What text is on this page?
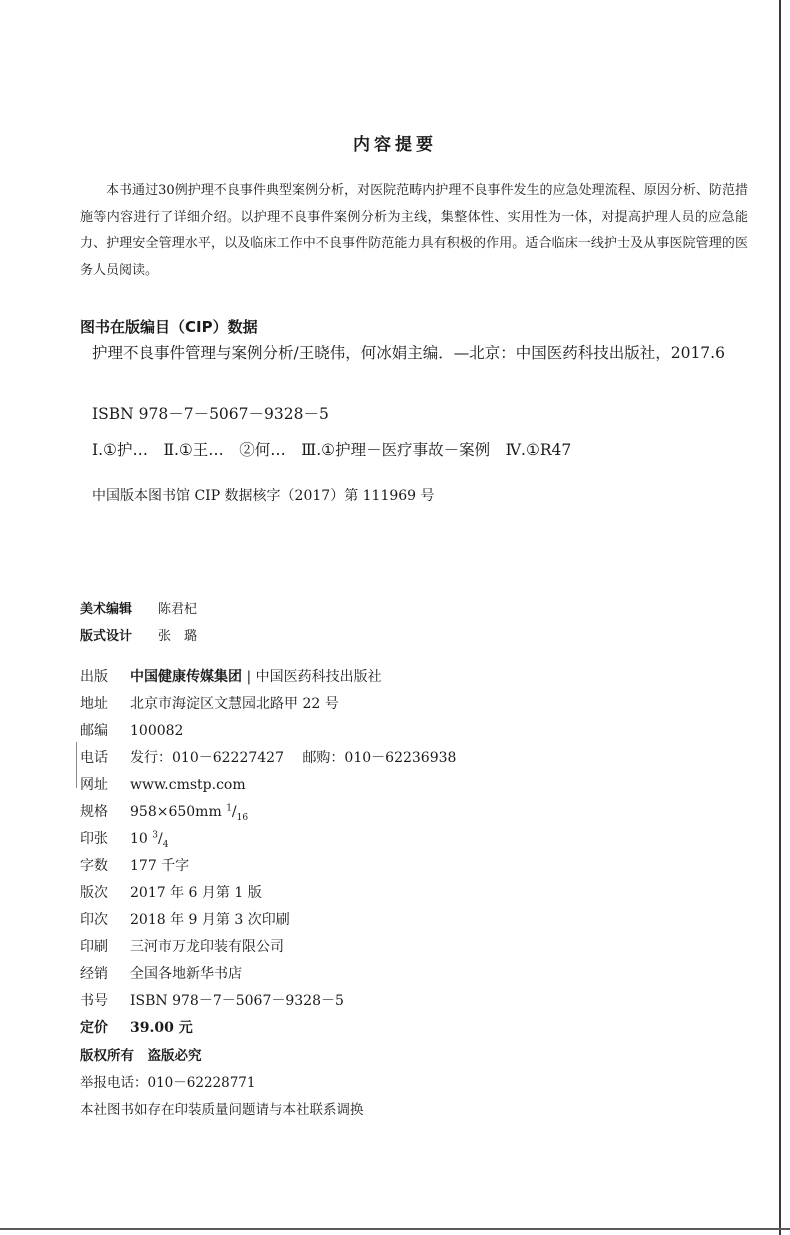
内容提要
本书通过30例护理不良事件典型案例分析，对医院范畴内护理不良事件发生的应急处理流程、原因分析、防范措施等内容进行了详细介绍。以护理不良事件案例分析为主线，集整体性、实用性为一体，对提高护理人员的应急能力、护理安全管理水平，以及临床工作中不良事件防范能力具有积极的作用。适合临床一线护士及从事医院管理的医务人员阅读。
图书在版编目（CIP）数据
护理不良事件管理与案例分析/王晓伟，何冰娟主编．—北京：中国医药科技出版社，2017.6
ISBN 978－7－5067－9328－5
Ⅰ.①护…　Ⅱ.①王…　②何…　Ⅲ.①护理－医疗事故－案例　Ⅳ.①R47
中国版本图书馆 CIP 数据核字（2017）第 111969 号
美术编辑 陈君杞
版式设计 张　璐
出版 中国健康传媒集团 | 中国医药科技出版社
地址 北京市海淀区文慧园北路甲 22 号
邮编 100082
电话 发行：010－62227427 邮购：010－62236938
网址 www.cmstp.com
规格 958×650mm $^1/_{16}$
印张 10 $^3/_4$
字数 177 千字
版次 2017 年 6 月第 1 版
印次 2018 年 9 月第 3 次印刷
印刷 三河市万龙印装有限公司
经销 全国各地新华书店
书号 ISBN 978－7－5067－9328－5
定价 39.00 元
版权所有　盗版必究
举报电话：010－62228771
本社图书如存在印装质量问题请与本社联系调换
